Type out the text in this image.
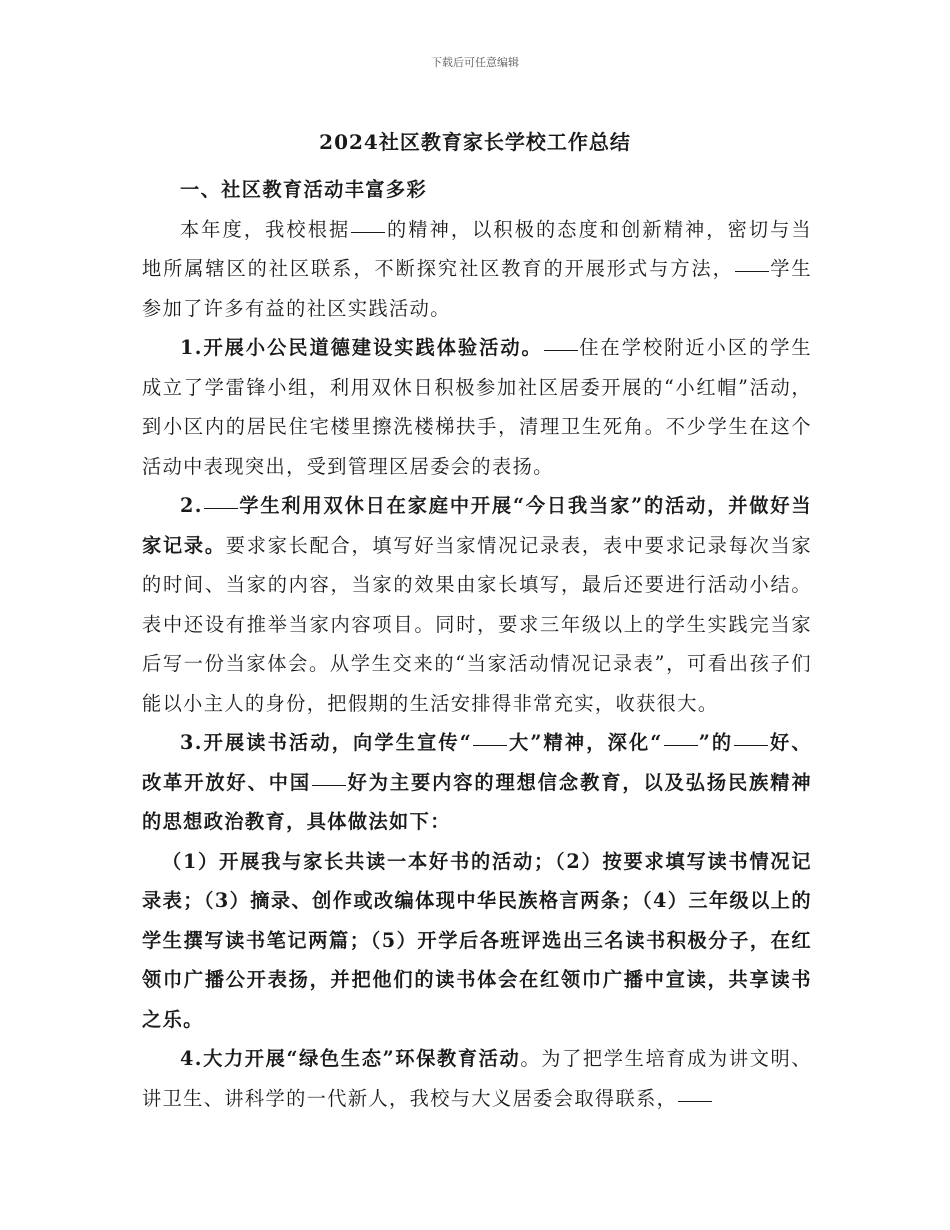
下载后可任意编辑
2024社区教育家长学校工作总结

一、社区教育活动丰富多彩

本年度，我校根据 的精神，以积极的态度和创新精神，密切与当地所属辖区的社区联系，不断探究社区教育的开展形式与方法， 学生参加了许多有益的社区实践活动。

1.开展小公民道德建设实践体验活动。 住在学校附近小区的学生成立了学雷锋小组，利用双休日积极参加社区居委开展的“小红帽”活动，到小区内的居民住宅楼里擦洗楼梯扶手，清理卫生死角。不少学生在这个活动中表现突出，受到管理区居委会的表扬。

2. 学生利用双休日在家庭中开展“今日我当家”的活动，并做好当家记录。要求家长配合，填写好当家情况记录表，表中要求记录每次当家的时间、当家的内容，当家的效果由家长填写，最后还要进行活动小结。表中还设有推举当家内容项目。同时，要求三年级以上的学生实践完当家后写一份当家体会。从学生交来的“当家活动情况记录表”，可看出孩子们能以小主人的身份，把假期的生活安排得非常充实，收获很大。

3.开展读书活动，向学生宣传“ 大”精神，深化“ ”的 好、改革开放好、中国 好为主要内容的理想信念教育，以及弘扬民族精神的思想政治教育，具体做法如下：

（1）开展我与家长共读一本好书的活动；（2）按要求填写读书情况记录表；（3）摘录、创作或改编体现中华民族格言两条；（4）三年级以上的学生撰写读书笔记两篇；（5）开学后各班评选出三名读书积极分子，在红领巾广播公开表扬，并把他们的读书体会在红领巾广播中宣读，共享读书之乐。

4.大力开展“绿色生态”环保教育活动。为了把学生培育成为讲文明、讲卫生、讲科学的一代新人，我校与大义居委会取得联系，
